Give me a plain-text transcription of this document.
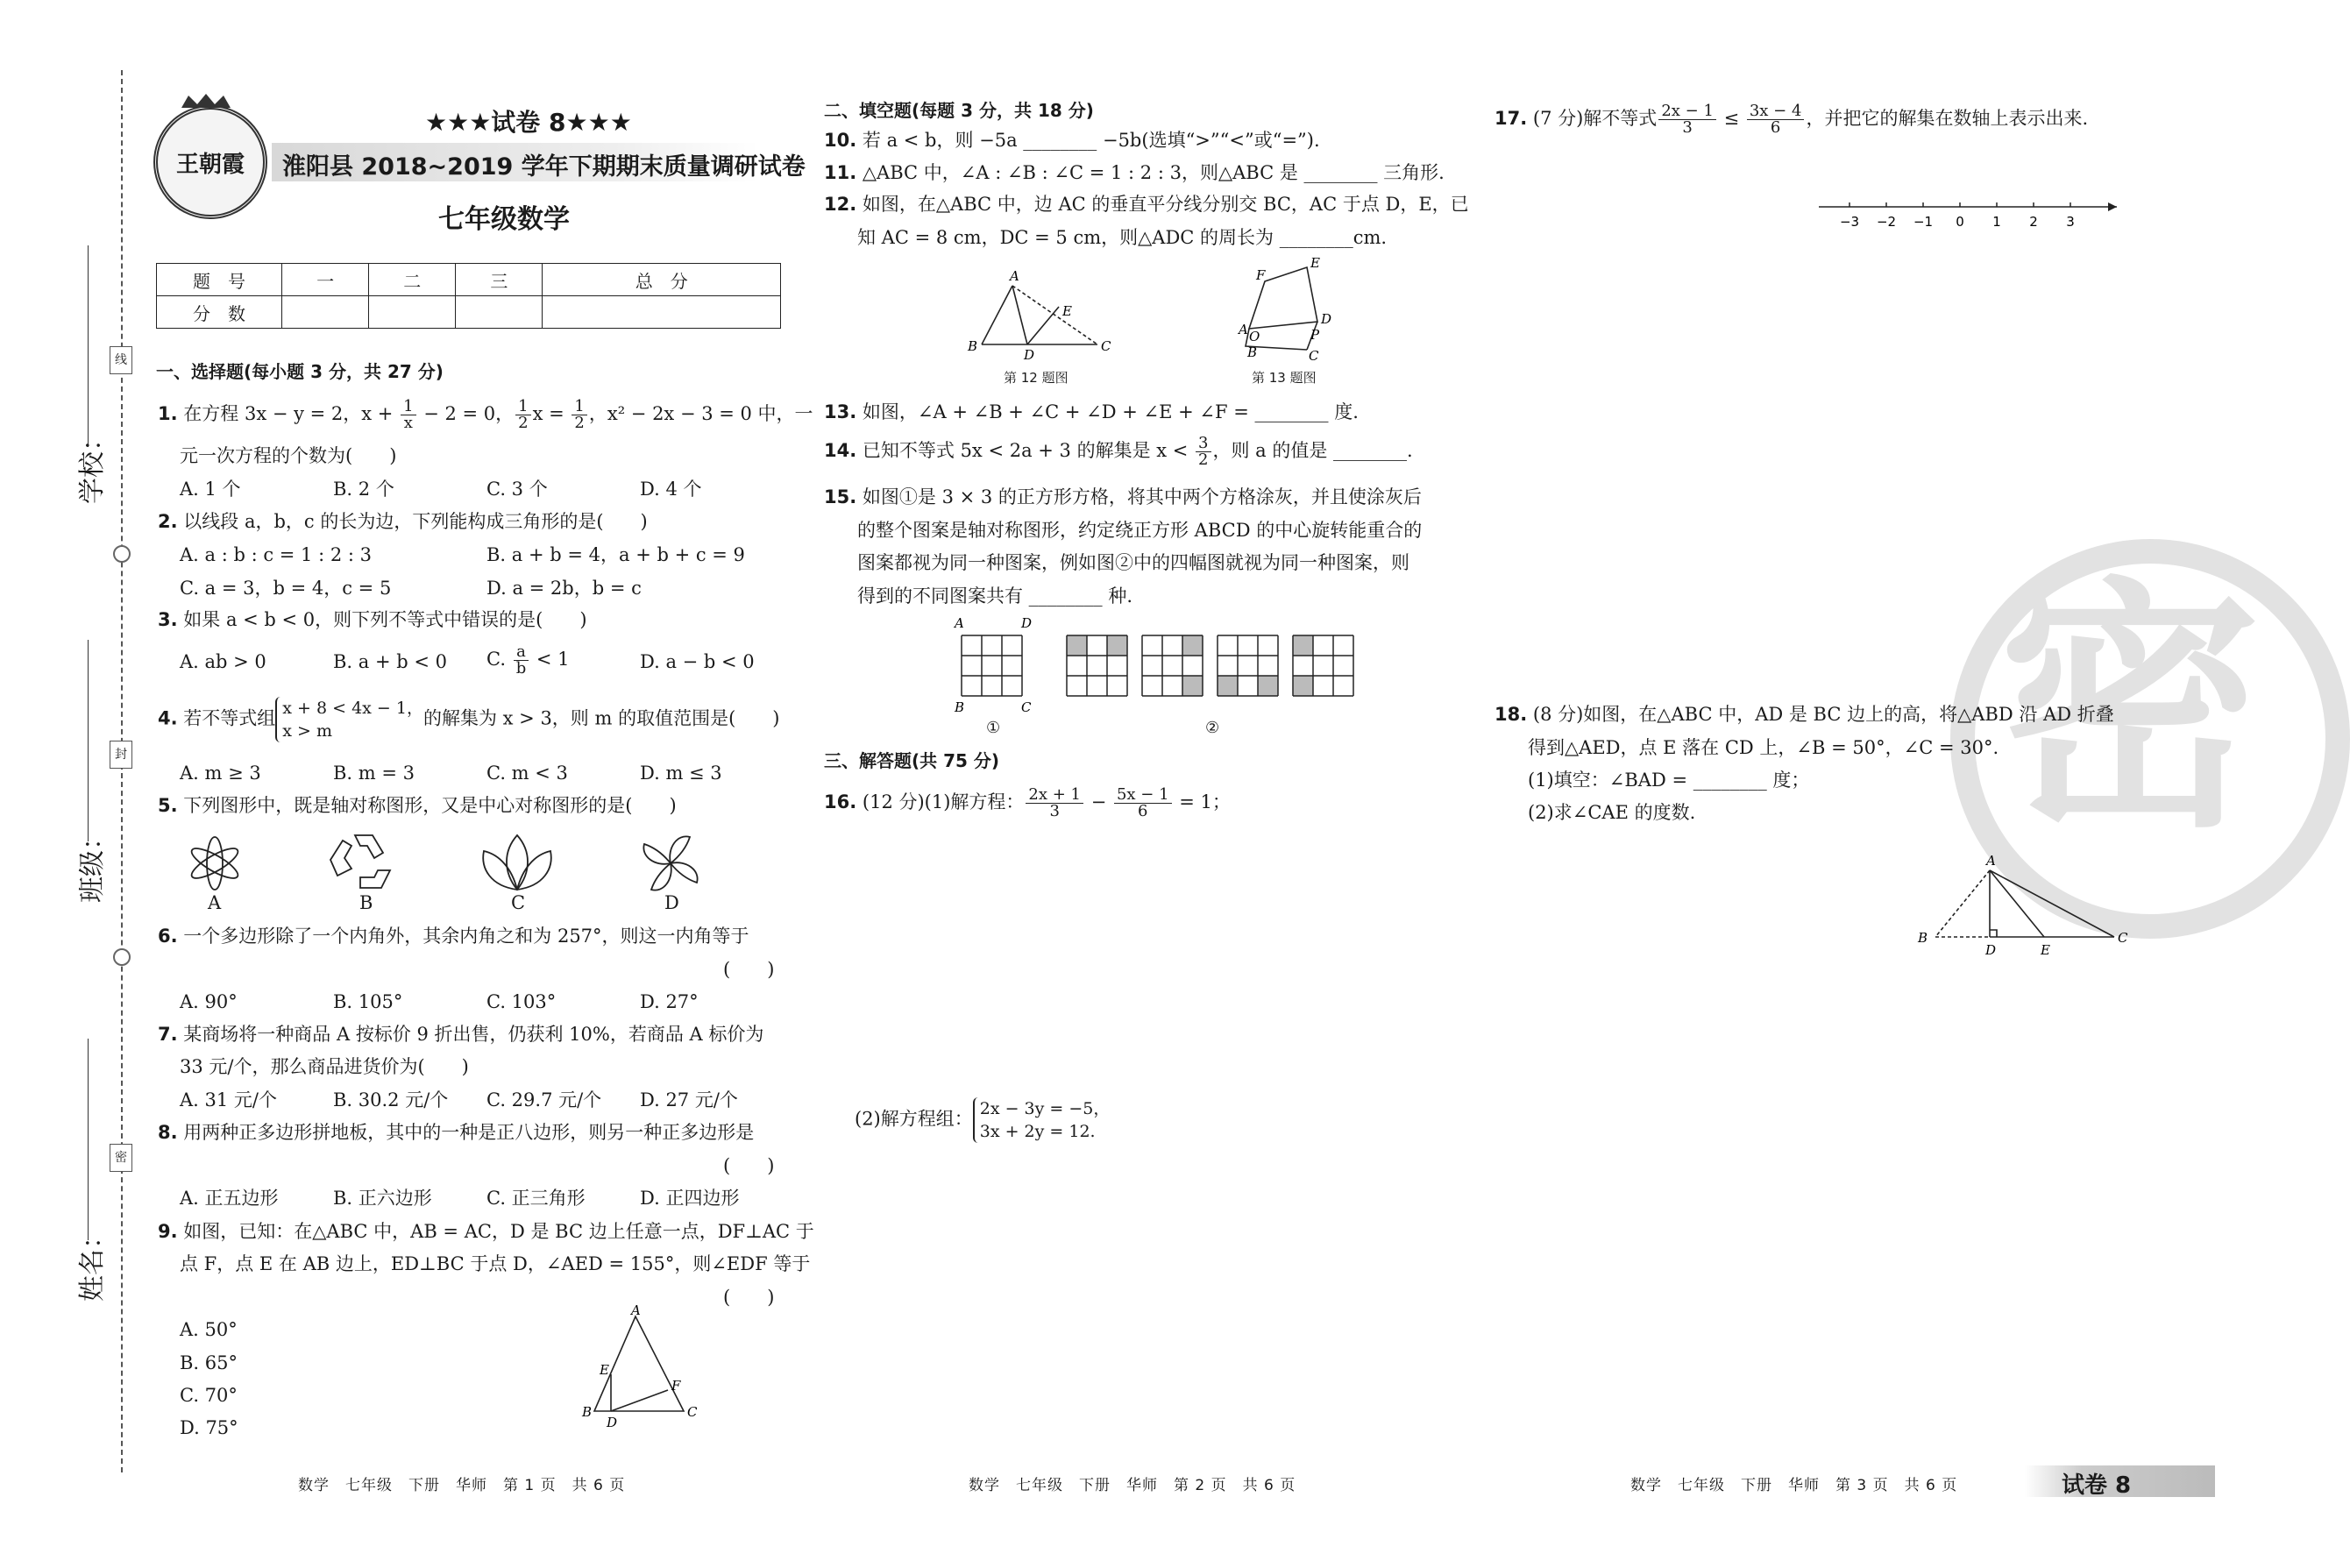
线
封
密
学校：
班级：
姓名：
王朝霞
★★★试卷 8★★★
淮阳县 2018~2019 学年下期期末质量调研试卷
七年级数学
题　号	一	二	三	总　分
分　数				
一、选择题(每小题 3 分，共 27 分)
1. 在方程 3x − y = 2，$x + \frac{1}{x} - 2 = 0$， $\frac{1}{2}$ $x = \frac{1}{2}$ ，x² − 2x − 3 = 0 中，一
元一次方程的个数为(　　)
A. 1 个	B. 2 个	C. 3 个	D. 4 个
2. 以线段 a，b，c 的长为边，下列能构成三角形的是(　　)
A. a : b : c = 1 : 2 : 3	B. a + b = 4，a + b + c = 9
C. a = 3，b = 4，c = 5	D. a = 2b，b = c
3. 如果 a < b < 0，则下列不等式中错误的是(　　)
A. ab > 0	B. a + b < 0 C. $\frac{a}{b} < 1$	D. a − b < 0
4. 若不等式组 x + 8 < 4x − 1，
x > m
的解集为 x > 3，则 m 的取值范围是(　　)
A. m ≥ 3	B. m = 3	C. m < 3	D. m ≤ 3
5. 下列图形中，既是轴对称图形，又是中心对称图形的是(　　)
A	B	C	D
6. 一个多边形除了一个内角外，其余内角之和为 257°，则这一内角等于
(　　)
A. 90°	B. 105°	C. 103°	D. 27°
7. 某商场将一种商品 A 按标价 9 折出售，仍获利 10%，若商品 A 标价为
33 元/个，那么商品进货价为(　　)
A. 31 元/个	B. 30.2 元/个 C. 29.7 元/个 D. 27 元/个
8. 用两种正多边形拼地板，其中的一种是正八边形，则另一种正多边形是
(　　)
A. 正五边形	B. 正六边形	C. 正三角形	D. 正四边形
9. 如图，已知：在△ABC 中，AB = AC，D 是 BC 边上任意一点，DF⊥AC 于
点 F，点 E 在 AB 边上，ED⊥BC 于点 D，∠AED = 155°，则∠EDF 等于
(　　)
A. 50°
B. 65°
C. 70°
D. 75°
A
E
F
B
D
C
数学　七年级　下册　华师　第 1 页　共 6 页
二、填空题(每题 3 分，共 18 分)
10. 若 a < b，则 −5a ________ −5b(选填“>”“<”或“=”).
11. △ABC 中，∠A : ∠B : ∠C = 1 : 2 : 3，则△ABC 是 ________ 三角形.
12. 如图，在△ABC 中，边 AC 的垂直平分线分别交 BC，AC 于点 D，E，已
知 AC = 8 cm，DC = 5 cm，则△ADC 的周长为 ________cm.
A
E
B
D
C
第 12 题图
F
E
A O
D
P
B	C
第 13 题图
13. 如图，∠A + ∠B + ∠C + ∠D + ∠E + ∠F = ________ 度.
14. 已知不等式 5x < 2a + 3 的解集是 $x < \frac{3}{2}$ ，则 a 的值是 ________.
15. 如图①是 3 × 3 的正方形方格，将其中两个方格涂灰，并且使涂灰后
的整个图案是轴对称图形，约定绕正方形 ABCD 的中心旋转能重合的
图案都视为同一种图案，例如图②中的四幅图就视为同一种图案，则
得到的不同图案共有 ________ 种.
A	D
B	C
①	②
三、解答题(共 75 分)
16. (12 分)(1)解方程： $\frac{2x + 1}{3} - \frac{5x - 1}{6} = 1$；
(2)解方程组： 2x − 3y = −5，
3x + 2y = 12.
数学　七年级　下册　华师　第 2 页　共 6 页
17. (7 分)解不等式 $\frac{2x - 1}{3} \le \frac{3x - 4}{6}$ ，并把它的解集在数轴上表示出来.
−3 −2 −1 0 1 2 3
密
18. (8 分)如图，在△ABC 中，AD 是 BC 边上的高，将△ABD 沿 AD 折叠
得到△AED，点 E 落在 CD 上，∠B = 50°，∠C = 30°.
(1)填空：∠BAD = ________ 度；
(2)求∠CAE 的度数.
A
B
D	E
C
数学　七年级　下册　华师　第 3 页　共 6 页	试卷 8
